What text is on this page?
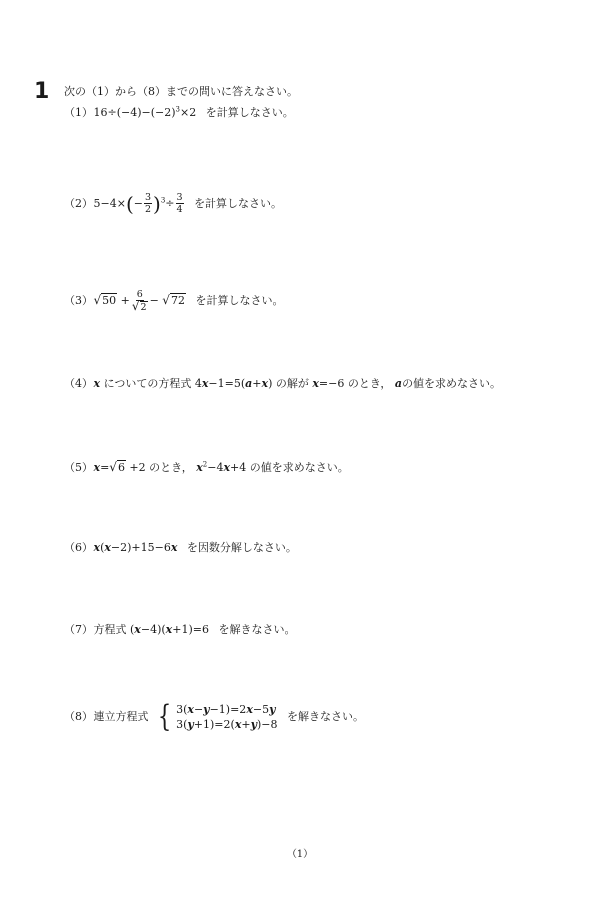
1 次の（1）から（8）までの問いに答えなさい。
（1） $16\div(-4)-(-2)^3\times 2$ を計算しなさい。
（2） $5-4\times(- \frac{3}{2} )^3\div \frac{3}{4}$ を計算しなさい。
（3） $√50 + \frac{6}{√2} - √72$ を計算しなさい。
（4） x についての方程式 4x−1=5(a+x) の解が x=−6 のとき， aの値を求めなさい。
（5） x=√6 +2 のとき， $x^2-4x+4$ の値を求めなさい。
（6） x(x−2)+15−6x を因数分解しなさい。
（7） 方程式 (x−4)(x+1)=6 を解きなさい。
（8） 連立方程式 { 3(x−y−1)=2x−5y
3(y+1)=2(x+y)−8
を解きなさい。
（1）
